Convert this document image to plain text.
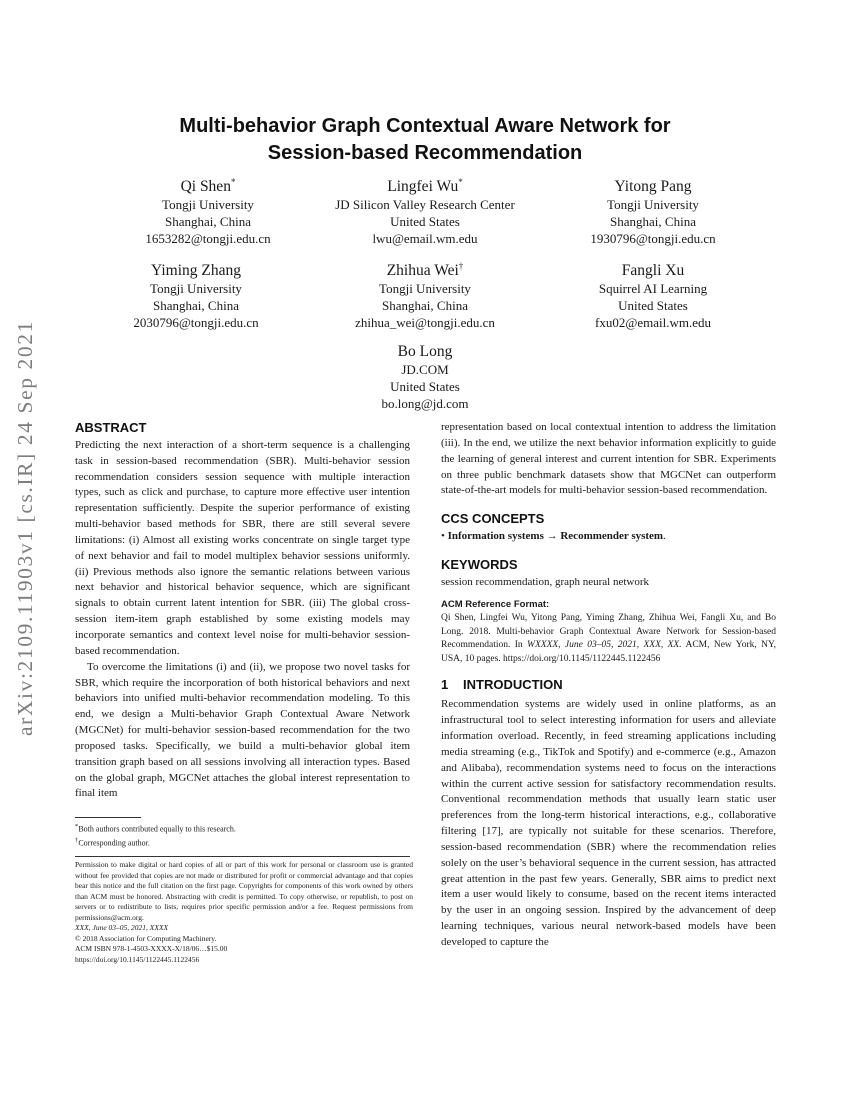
arXiv:2109.11903v1 [cs.IR] 24 Sep 2021
Multi-behavior Graph Contextual Aware Network for
Session-based Recommendation
Qi Shen*
Tongji University
Shanghai, China
1653282@tongji.edu.cn
Lingfei Wu*
JD Silicon Valley Research Center
United States
lwu@email.wm.edu
Yitong Pang
Tongji University
Shanghai, China
1930796@tongji.edu.cn
Yiming Zhang
Tongji University
Shanghai, China
2030796@tongji.edu.cn
Zhihua Wei†
Tongji University
Shanghai, China
zhihua_wei@tongji.edu.cn
Fangli Xu
Squirrel AI Learning
United States
fxu02@email.wm.edu
Bo Long
JD.COM
United States
bo.long@jd.com

ABSTRACT

Predicting the next interaction of a short-term sequence is a challenging task in session-based recommendation (SBR). Multi-behavior session recommendation considers session sequence with multiple interaction types, such as click and purchase, to capture more effective user intention representation sufficiently. Despite the superior performance of existing multi-behavior based methods for SBR, there are still several severe limitations: (i) Almost all existing works concentrate on single target type of next behavior and fail to model multiplex behavior sessions uniformly. (ii) Previous methods also ignore the semantic relations between various next behavior and historical behavior sequence, which are significant signals to obtain current latent intention for SBR. (iii) The global cross-session item-item graph established by some existing models may incorporate semantics and context level noise for multi-behavior session-based recommendation.

To overcome the limitations (i) and (ii), we propose two novel tasks for SBR, which require the incorporation of both historical behaviors and next behaviors into unified multi-behavior recommendation modeling. To this end, we design a Multi-behavior Graph Contextual Aware Network (MGCNet) for multi-behavior session-based recommendation for the two proposed tasks. Specifically, we build a multi-behavior global item transition graph based on all sessions involving all interaction types. Based on the global graph, MGCNet attaches the global interest representation to final item

*Both authors contributed equally to this research.
†Corresponding author.

Permission to make digital or hard copies of all or part of this work for personal or classroom use is granted without fee provided that copies are not made or distributed for profit or commercial advantage and that copies bear this notice and the full citation on the first page. Copyrights for components of this work owned by others than ACM must be honored. Abstracting with credit is permitted. To copy otherwise, or republish, to post on servers or to redistribute to lists, requires prior specific permission and/or a fee. Request permissions from permissions@acm.org.

XXX, June 03–05, 2021, XXXX

© 2018 Association for Computing Machinery.

ACM ISBN 978-1-4503-XXXX-X/18/06…$15.00

https://doi.org/10.1145/1122445.1122456

representation based on local contextual intention to address the limitation (iii). In the end, we utilize the next behavior information explicitly to guide the learning of general interest and current intention for SBR. Experiments on three public benchmark datasets show that MGCNet can outperform state-of-the-art models for multi-behavior session-based recommendation.

CCS CONCEPTS

• Information systems → Recommender system.

KEYWORDS

session recommendation, graph neural network

ACM Reference Format:

Qi Shen, Lingfei Wu, Yitong Pang, Yiming Zhang, Zhihua Wei, Fangli Xu, and Bo Long. 2018. Multi-behavior Graph Contextual Aware Network for Session-based Recommendation. In WXXXX, June 03–05, 2021, XXX, XX. ACM, New York, NY, USA, 10 pages. https://doi.org/10.1145/1122445.1122456

1 INTRODUCTION

Recommendation systems are widely used in online platforms, as an infrastructural tool to select interesting information for users and alleviate information overload. Recently, in feed streaming applications including media streaming (e.g., TikTok and Spotify) and e-commerce (e.g., Amazon and Alibaba), recommendation systems need to focus on the interactions within the current active session for satisfactory recommendation results. Conventional recommendation methods that usually learn static user preferences from the long-term historical interactions, e.g., collaborative filtering [17], are typically not suitable for these scenarios. Therefore, session-based recommendation (SBR) where the recommendation relies solely on the user’s behavioral sequence in the current session, has attracted great attention in the past few years. Generally, SBR aims to predict next item a user would likely to consume, based on the recent items interacted by the user in an ongoing session. Inspired by the advancement of deep learning techniques, various neural network-based models have been developed to capture the
